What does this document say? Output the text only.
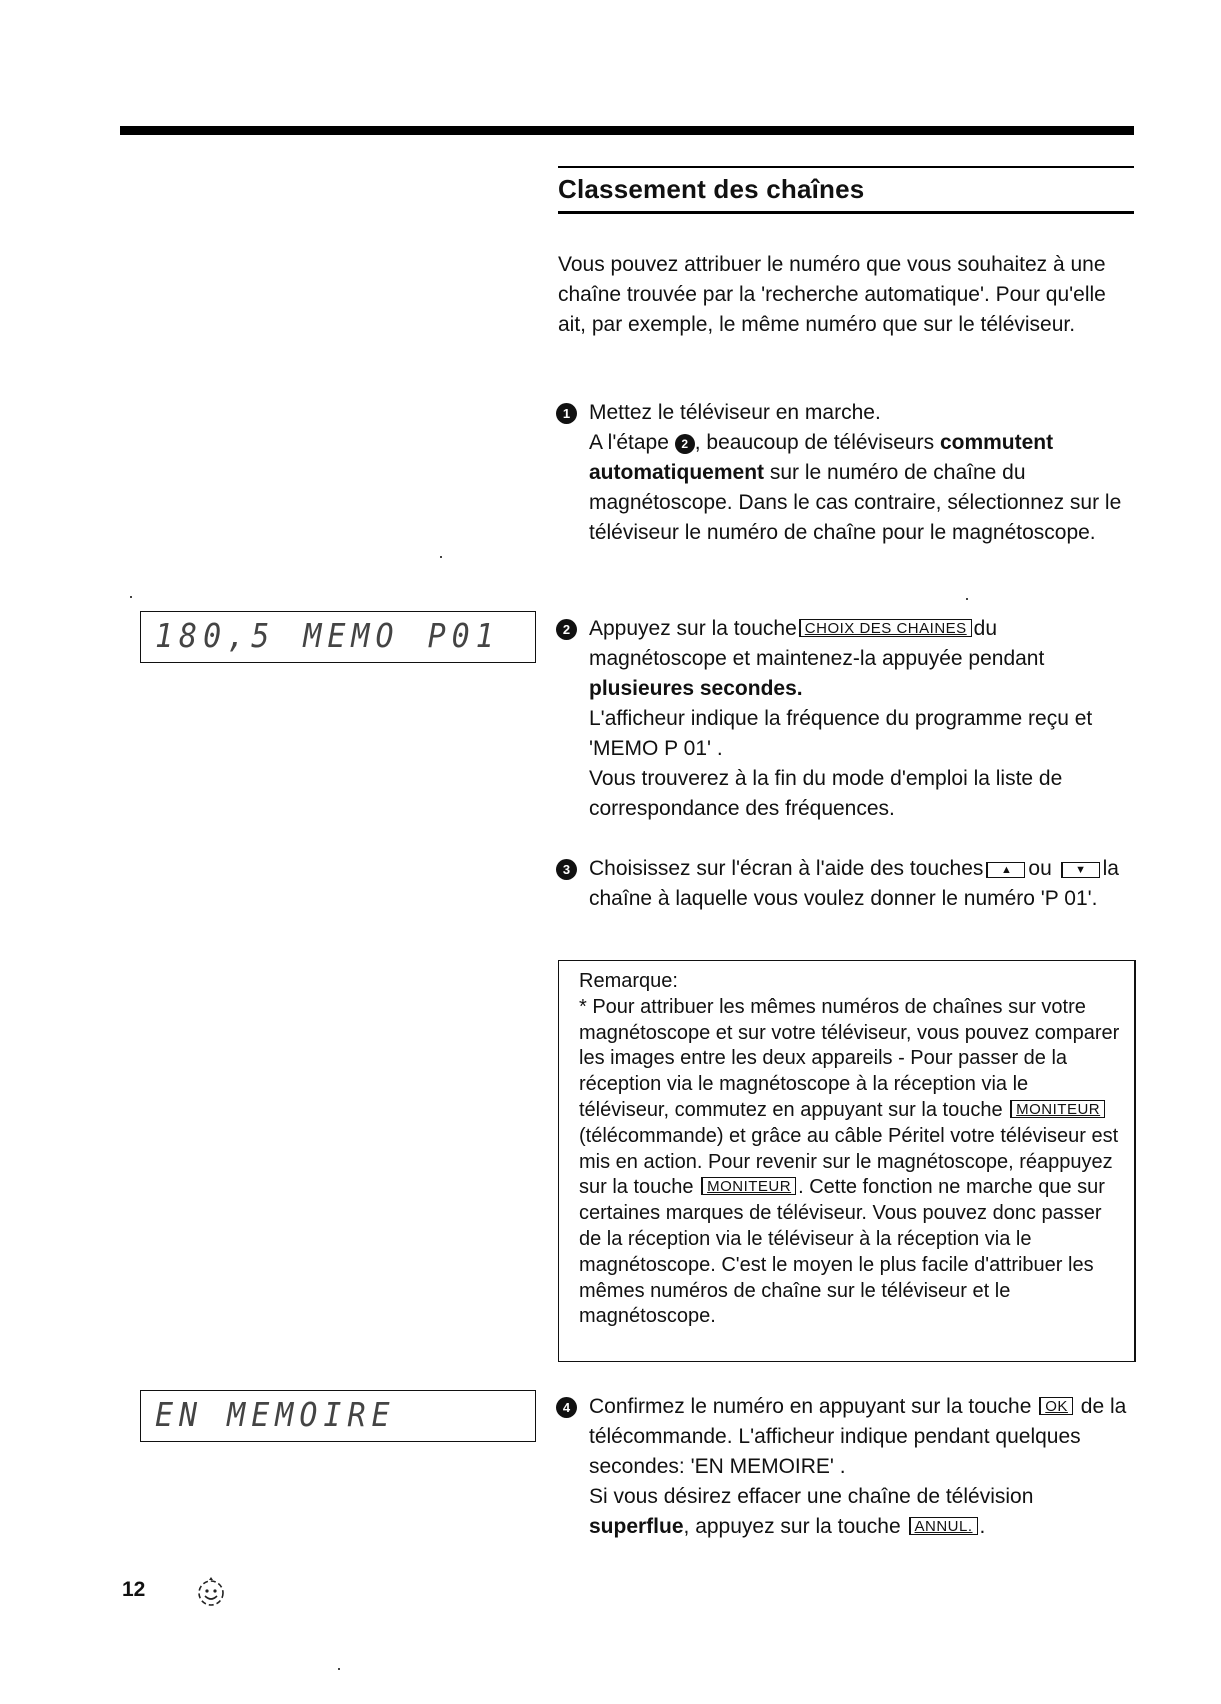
Classement des chaînes

Vous pouvez attribuer le numéro que vous souhaitez à une chaîne trouvée par la 'recherche automatique'. Pour qu'elle ait, par exemple, le même numéro que sur le téléviseur.

1 Mettez le téléviseur en marche.

A l'étape 2 , beaucoup de téléviseurs commutent automatiquement sur le numéro de chaîne du magnétoscope. Dans le cas contraire, sélectionnez sur le téléviseur le numéro de chaîne pour le magnétoscope.

180,5 MEMO P01	2 Appuyez sur la touche CHOIX DES CHAINES du magnétoscope et maintenez-la appuyée pendant plusieures secondes.

L'afficheur indique la fréquence du programme reçu et 'MEMO P 01' .

Vous trouverez à la fin du mode d'emploi la liste de correspondance des fréquences.

3 Choisissez sur l'écran à l'aide des touches ▲ ou ▼ la chaîne à laquelle vous voulez donner le numéro 'P 01'.

Remarque:

* Pour attribuer les mêmes numéros de chaînes sur votre magnétoscope et sur votre téléviseur, vous pouvez comparer les images entre les deux appareils - Pour passer de la réception via le magnétoscope à la réception via le téléviseur, commutez en appuyant sur la touche MONITEUR(télécommande) et grâce au câble Péritel votre téléviseur est mis en action. Pour revenir sur le magnétoscope, réappuyez sur la touche MONITEUR . Cette fonction ne marche que sur certaines marques de téléviseur. Vous pouvez donc passer de la réception via le téléviseur à la réception via le magnétoscope. C'est le moyen le plus facile d'attribuer les mêmes numéros de chaîne sur le téléviseur et le magnétoscope.

EN MEMOIRE	4 Confirmez le numéro en appuyant sur la touche OK de la télécommande. L'afficheur indique pendant quelques secondes: 'EN MEMOIRE' .

Si vous désirez effacer une chaîne de télévision superflue, appuyez sur la touche ANNUL. .

12
